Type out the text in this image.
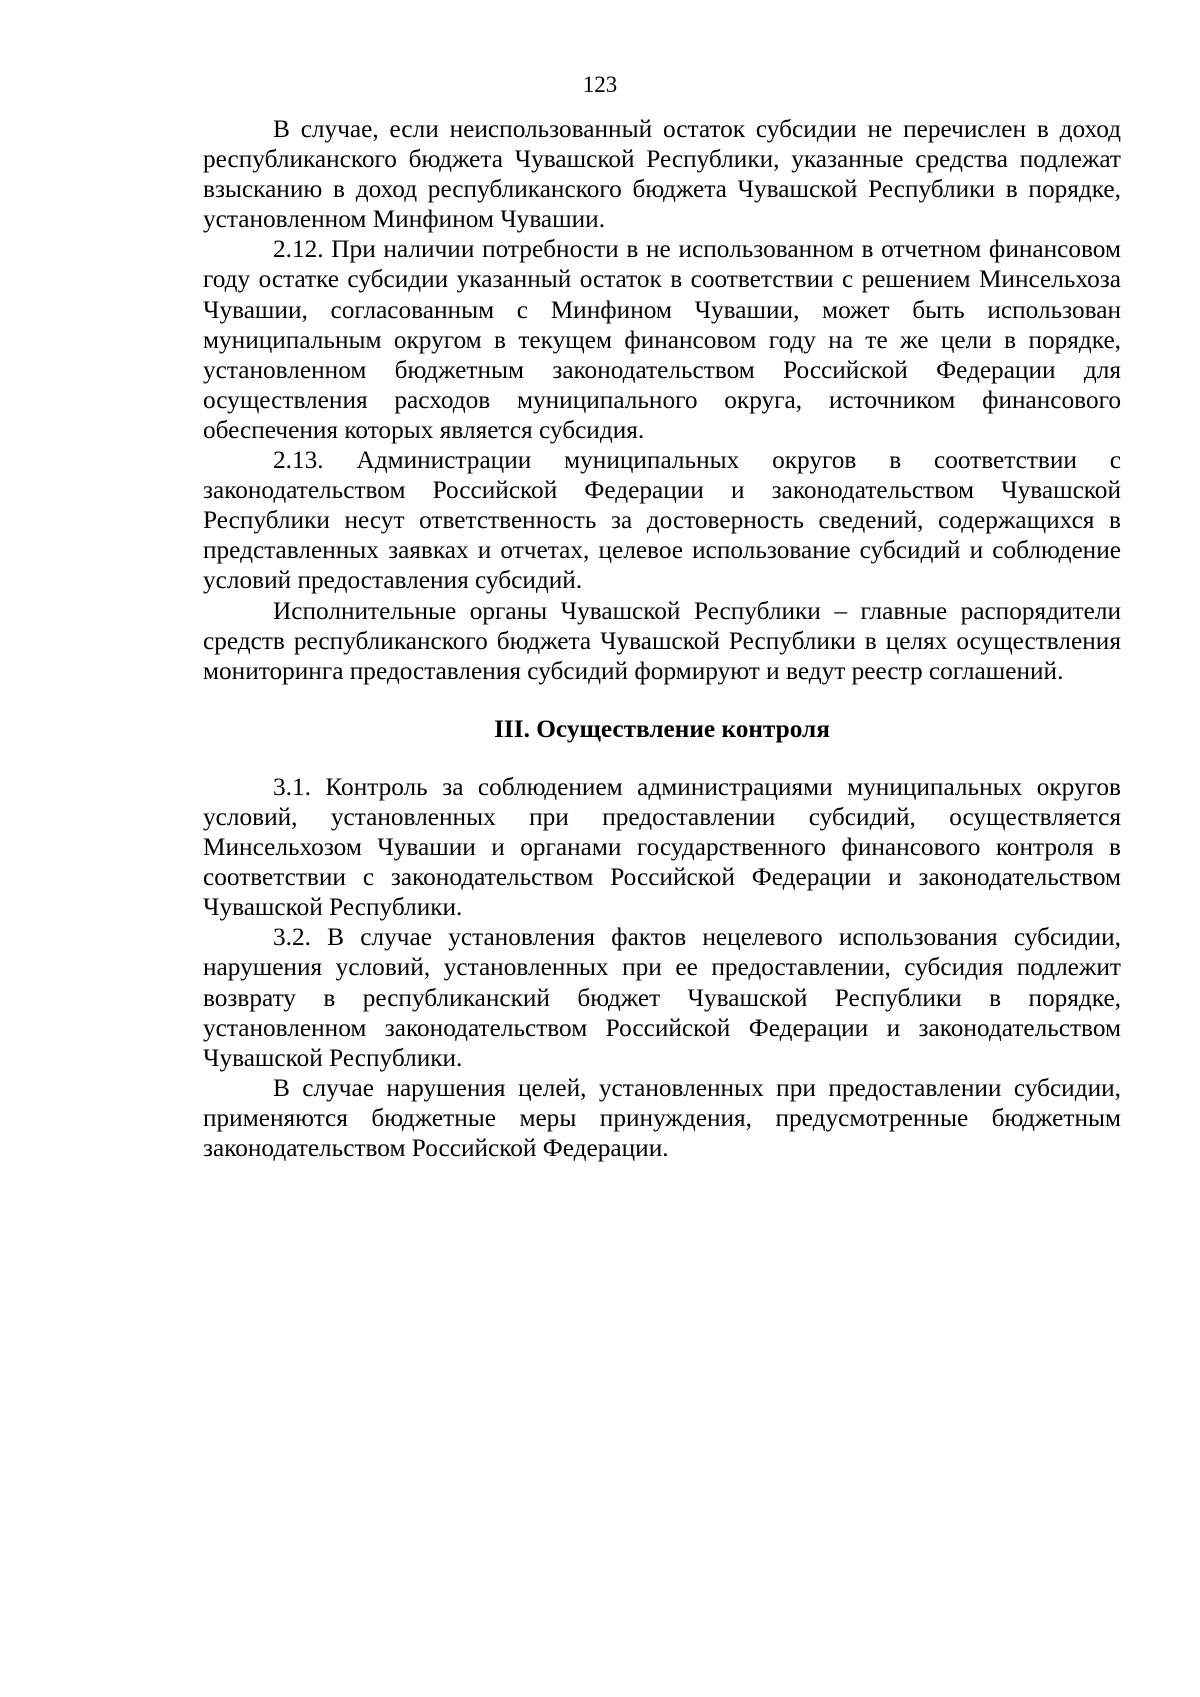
123

В случае, если неиспользованный остаток субсидии не перечислен в доход республиканского бюджета Чувашской Республики, указанные средства подлежат взысканию в доход республиканского бюджета Чувашской Республики в порядке, установленном Минфином Чувашии.

2.12. При наличии потребности в не использованном в отчетном финансовом году остатке субсидии указанный остаток в соответствии с решением Минсельхоза Чувашии, согласованным с Минфином Чувашии, может быть использован муниципальным округом в текущем финансовом году на те же цели в порядке, установленном бюджетным законодательством Российской Федерации для осуществления расходов муниципального округа, источником финансового обеспечения которых является субсидия.

2.13. Администрации муниципальных округов в соответствии с законодательством Российской Федерации и законодательством Чувашской Республики несут ответственность за достоверность сведений, содержащихся в представленных заявках и отчетах, целевое использование субсидий и соблюдение условий предоставления субсидий.

Исполнительные органы Чувашской Республики – главные распорядители средств республиканского бюджета Чувашской Республики в целях осуществления мониторинга предоставления субсидий формируют и ведут реестр соглашений.

III. Осуществление контроля

3.1. Контроль за соблюдением администрациями муниципальных округов условий, установленных при предоставлении субсидий, осуществляется Минсельхозом Чувашии и органами государственного финансового контроля в соответствии с законодательством Российской Федерации и законодательством Чувашской Республики.

3.2. В случае установления фактов нецелевого использования субсидии, нарушения условий, установленных при ее предоставлении, субсидия подлежит возврату в республиканский бюджет Чувашской Республики в порядке, установленном законодательством Российской Федерации и законодательством Чувашской Республики.

В случае нарушения целей, установленных при предоставлении субсидии, применяются бюджетные меры принуждения, предусмотренные бюджетным законодательством Российской Федерации.
